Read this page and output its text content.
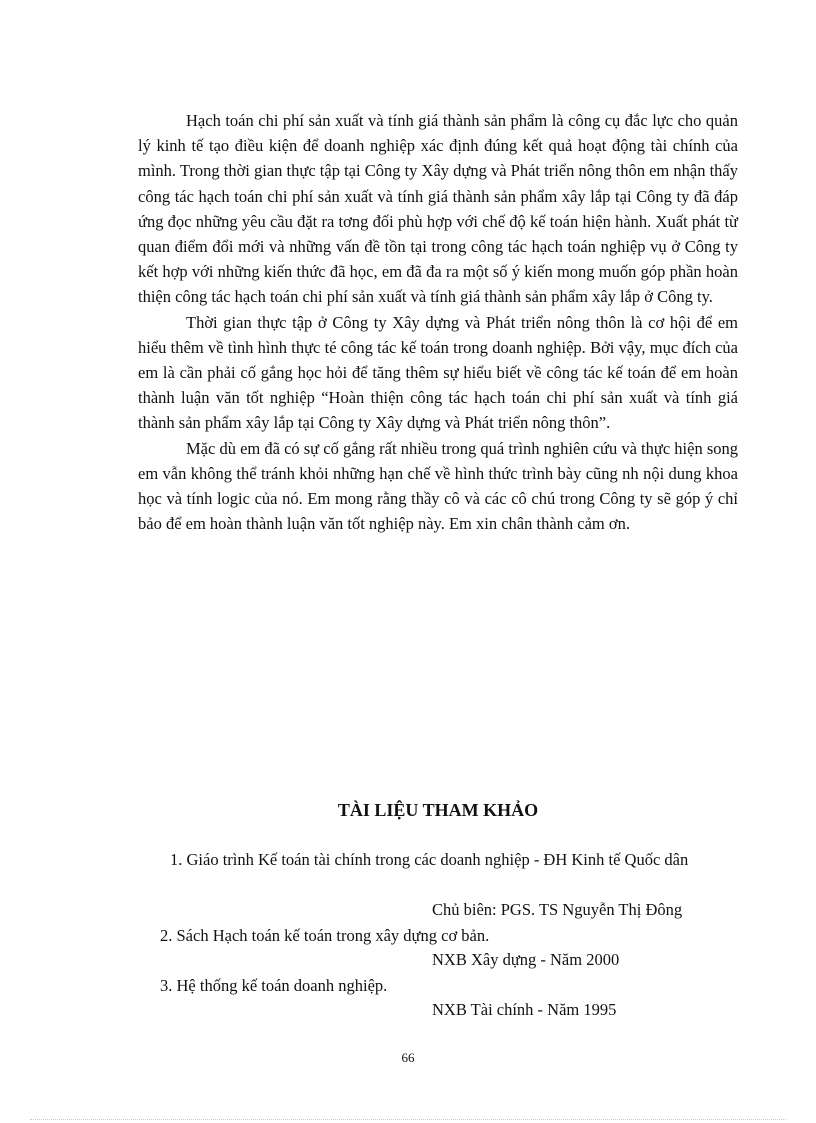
Hạch toán chi phí sản xuất và tính giá thành sản phẩm là công cụ đắc lực cho quản lý kinh tế tạo điều kiện để doanh nghiệp xác định đúng kết quả hoạt động tài chính của mình. Trong thời gian thực tập tại Công ty Xây dựng và Phát triển nông thôn em nhận thấy công tác hạch toán chi phí sản xuất và tính giá thành sản phẩm xây lắp tại Công ty đã đáp ứng đọc những yêu cầu đặt ra tơng đối phù hợp với chế độ kế toán hiện hành. Xuất phát từ quan điểm đổi mới và những vấn đề tồn tại trong công tác hạch toán nghiệp vụ ở Công ty kết hợp với những kiến thức đã học, em đã đa ra một số ý kiến mong muốn góp phần hoàn thiện công tác hạch toán chi phí sản xuất và tính giá thành sản phẩm xây lắp ở Công ty.

Thời gian thực tập ở Công ty Xây dựng và Phát triển nông thôn là cơ hội để em hiểu thêm về tình hình thực té công tác kế toán trong doanh nghiệp. Bởi vậy, mục đích của em là cần phải cố gắng học hỏi để tăng thêm sự hiểu biết về công tác kế toán để em hoàn thành luận văn tốt nghiệp “Hoàn thiện công tác hạch toán chi phí sản xuất và tính giá thành sản phẩm xây lắp tại Công ty Xây dựng và Phát triển nông thôn”.

Mặc dù em đã có sự cố gắng rất nhiều trong quá trình nghiên cứu và thực hiện song em vẫn không thể tránh khỏi những hạn chế về hình thức trình bày cũng nh nội dung khoa học và tính logic của nó. Em mong rằng thầy cô và các cô chú trong Công ty sẽ góp ý chỉ bảo để em hoàn thành luận văn tốt nghiệp này. Em xin chân thành cảm ơn.

TÀI LIỆU THAM KHẢO
1. Giáo trình Kế toán tài chính trong các doanh nghiệp - ĐH Kinh tế Quốc dân
Chủ biên: PGS. TS Nguyễn Thị Đông
2. Sách Hạch toán kế toán trong xây dựng cơ bản.
NXB Xây dựng - Năm 2000
3. Hệ thống kế toán doanh nghiệp.
NXB Tài chính - Năm 1995
66
